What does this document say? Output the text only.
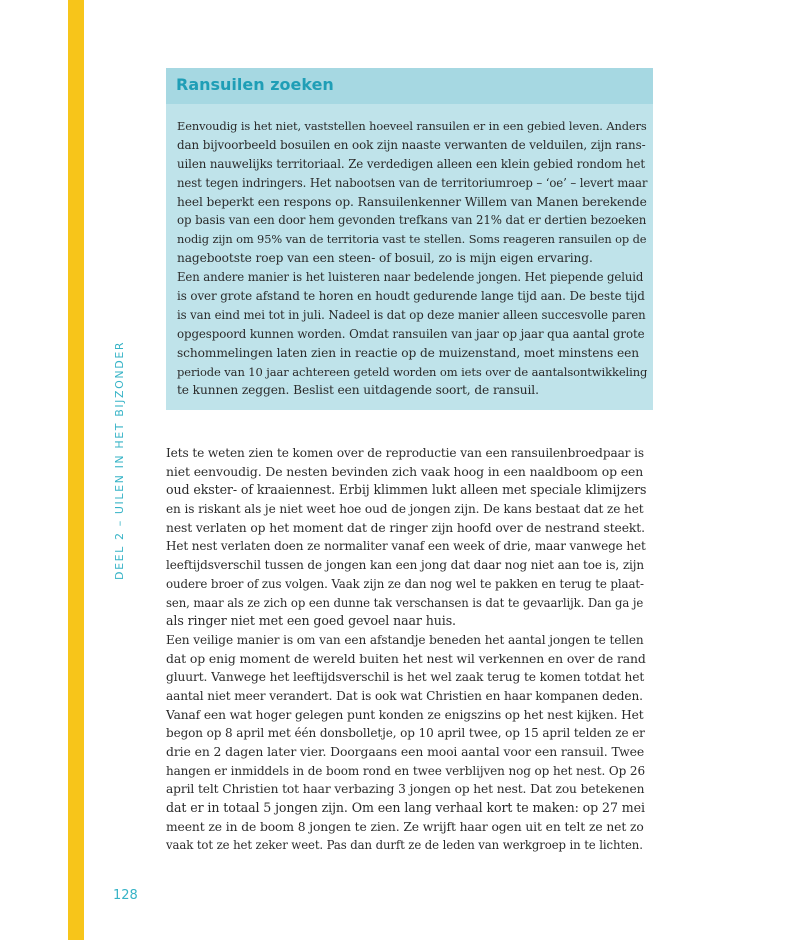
DEEL 2 – UILEN IN HET BIJZONDER
Ransuilen zoeken
Eenvoudig is het niet, vaststellen hoeveel ransuilen er in een gebied leven. Anders
dan bijvoorbeeld bosuilen en ook zijn naaste verwanten de velduilen, zijn rans-
uilen nauwelijks territoriaal. Ze verdedigen alleen een klein gebied rondom het
nest tegen indringers. Het nabootsen van de territoriumroep – ‘oe’ – levert maar
heel beperkt een respons op. Ransuilenkenner Willem van Manen berekende
op basis van een door hem gevonden trefkans van 21% dat er dertien bezoeken
nodig zijn om 95% van de territoria vast te stellen. Soms reageren ransuilen op de
nagebootste roep van een steen- of bosuil, zo is mijn eigen ervaring.
Een andere manier is het luisteren naar bedelende jongen. Het piepende geluid
is over grote afstand te horen en houdt gedurende lange tijd aan. De beste tijd
is van eind mei tot in juli. Nadeel is dat op deze manier alleen succesvolle paren
opgespoord kunnen worden. Omdat ransuilen van jaar op jaar qua aantal grote
schommelingen laten zien in reactie op de muizenstand, moet minstens een
periode van 10 jaar achtereen geteld worden om iets over de aantalsontwikkeling
te kunnen zeggen. Beslist een uitdagende soort, de ransuil.
Iets te weten zien te komen over de reproductie van een ransuilenbroedpaar is
niet eenvoudig. De nesten bevinden zich vaak hoog in een naaldboom op een
oud ekster- of kraaiennest. Erbij klimmen lukt alleen met speciale klimijzers
en is riskant als je niet weet hoe oud de jongen zijn. De kans bestaat dat ze het
nest verlaten op het moment dat de ringer zijn hoofd over de nestrand steekt.
Het nest verlaten doen ze normaliter vanaf een week of drie, maar vanwege het
leeftijdsverschil tussen de jongen kan een jong dat daar nog niet aan toe is, zijn
oudere broer of zus volgen. Vaak zijn ze dan nog wel te pakken en terug te plaat-
sen, maar als ze zich op een dunne tak verschansen is dat te gevaarlijk. Dan ga je
als ringer niet met een goed gevoel naar huis.
Een veilige manier is om van een afstandje beneden het aantal jongen te tellen
dat op enig moment de wereld buiten het nest wil verkennen en over de rand
gluurt. Vanwege het leeftijdsverschil is het wel zaak terug te komen totdat het
aantal niet meer verandert. Dat is ook wat Christien en haar kompanen deden.
Vanaf een wat hoger gelegen punt konden ze enigszins op het nest kijken. Het
begon op 8 april met één donsbolletje, op 10 april twee, op 15 april telden ze er
drie en 2 dagen later vier. Doorgaans een mooi aantal voor een ransuil. Twee
hangen er inmiddels in de boom rond en twee verblijven nog op het nest. Op 26
april telt Christien tot haar verbazing 3 jongen op het nest. Dat zou betekenen
dat er in totaal 5 jongen zijn. Om een lang verhaal kort te maken: op 27 mei
meent ze in de boom 8 jongen te zien. Ze wrijft haar ogen uit en telt ze net zo
vaak tot ze het zeker weet. Pas dan durft ze de leden van werkgroep in te lichten.
128
